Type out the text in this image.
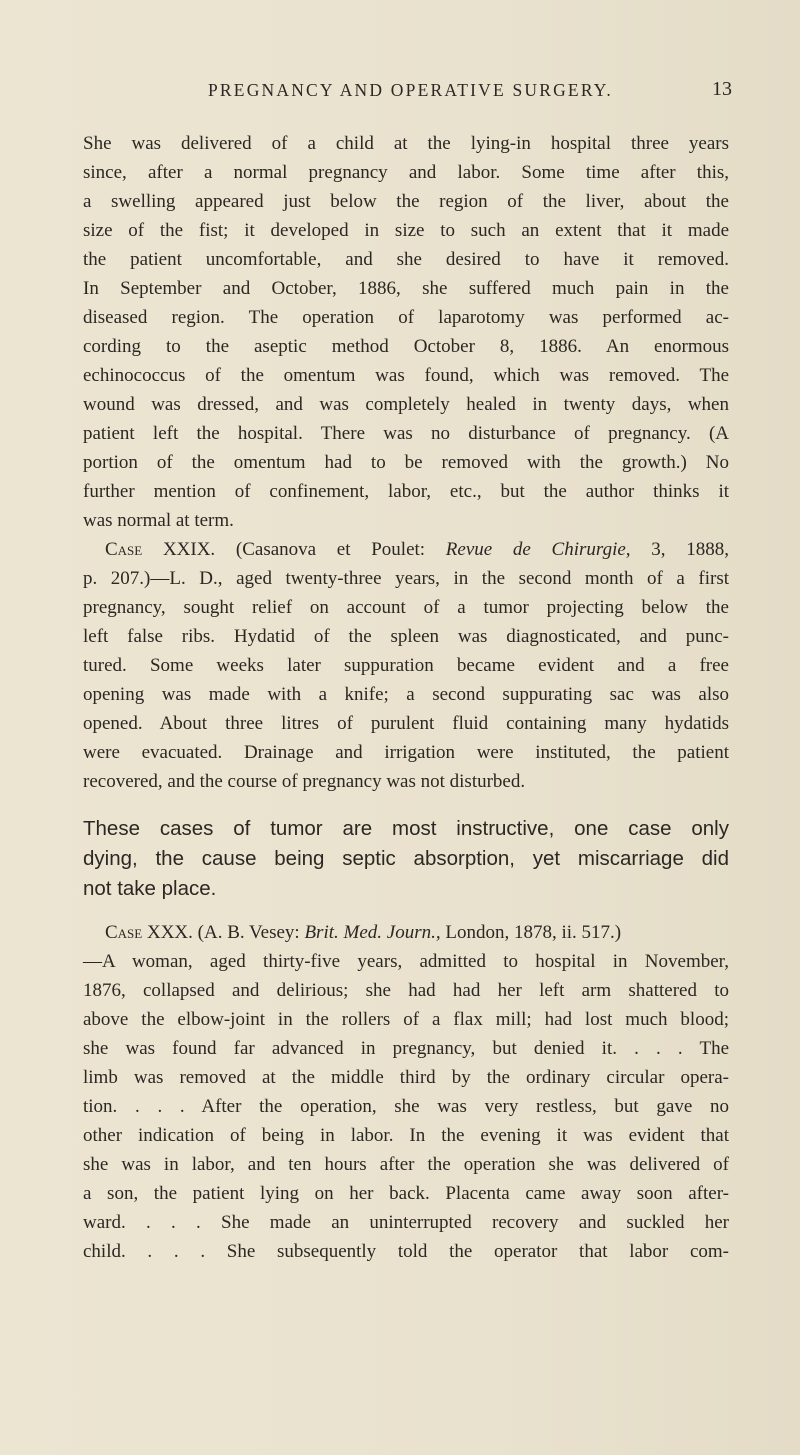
PREGNANCY AND OPERATIVE SURGERY.	13
She was delivered of a child at the lying-in hospital three years
since, after a normal pregnancy and labor. Some time after this,
a swelling appeared just below the region of the liver, about the
size of the fist; it developed in size to such an extent that it made
the patient uncomfortable, and she desired to have it removed.
In September and October, 1886, she suffered much pain in the
diseased region. The operation of laparotomy was performed ac-
cording to the aseptic method October 8, 1886. An enormous
echinococcus of the omentum was found, which was removed. The
wound was dressed, and was completely healed in twenty days, when
patient left the hospital. There was no disturbance of pregnancy. (A
portion of the omentum had to be removed with the growth.) No
further mention of confinement, labor, etc., but the author thinks it
was normal at term.
Case XXIX. (Casanova et Poulet: Revue de Chirurgie, 3, 1888,
p. 207.)—L. D., aged twenty-three years, in the second month of a first
pregnancy, sought relief on account of a tumor projecting below the
left false ribs. Hydatid of the spleen was diagnosticated, and punc-
tured. Some weeks later suppuration became evident and a free
opening was made with a knife; a second suppurating sac was also
opened. About three litres of purulent fluid containing many hydatids
were evacuated. Drainage and irrigation were instituted, the patient
recovered, and the course of pregnancy was not disturbed.
These cases of tumor are most instructive, one case only
dying, the cause being septic absorption, yet miscarriage did
not take place.
Case XXX. (A. B. Vesey: Brit. Med. Journ., London, 1878, ii. 517.)
—A woman, aged thirty-five years, admitted to hospital in November,
1876, collapsed and delirious; she had had her left arm shattered to
above the elbow-joint in the rollers of a flax mill; had lost much blood;
she was found far advanced in pregnancy, but denied it. . . . The
limb was removed at the middle third by the ordinary circular opera-
tion. . . . After the operation, she was very restless, but gave no
other indication of being in labor. In the evening it was evident that
she was in labor, and ten hours after the operation she was delivered of
a son, the patient lying on her back. Placenta came away soon after-
ward. . . . She made an uninterrupted recovery and suckled her
child. . . . She subsequently told the operator that labor com-
